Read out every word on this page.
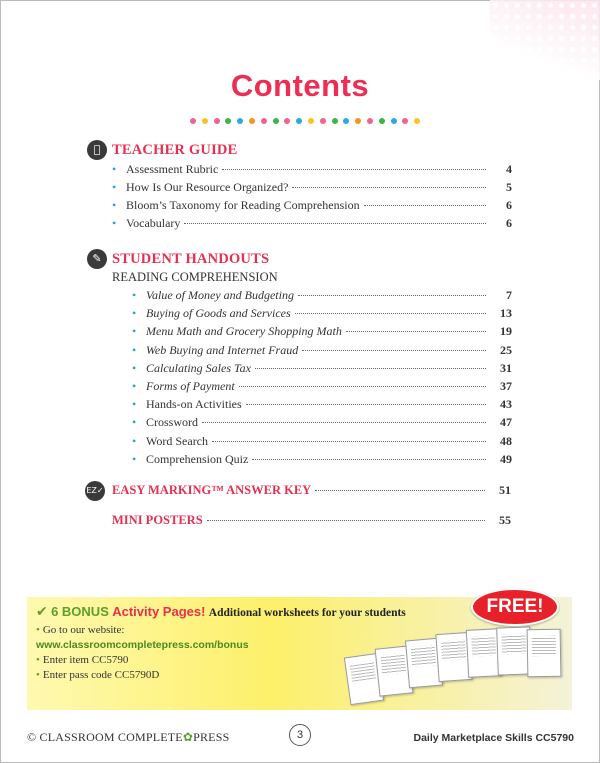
Contents
TEACHER GUIDE
• Assessment Rubric	4
• How Is Our Resource Organized?	5
• Bloom’s Taxonomy for Reading Comprehension	6
• Vocabulary	6
✎ STUDENT HANDOUTS
READING COMPREHENSION
• Value of Money and Budgeting	7
• Buying of Goods and Services	13
• Menu Math and Grocery Shopping Math	19
• Web Buying and Internet Fraud	25
• Calculating Sales Tax	31
• Forms of Payment	37
• Hands-on Activities	43
• Crossword	47
• Word Search	48
• Comprehension Quiz	49
EZ✓ EASY MARKING™ ANSWER KEY	51
MINI POSTERS	55
✔ 6 BONUS Activity Pages! Additional worksheets for your students
• Go to our website:
www.classroomcompletepress.com/bonus
• Enter item CC5790
• Enter pass code CC5790D
FREE!
© CLASSROOM COMPLETE✿PRESS	3	Daily Marketplace Skills CC5790
